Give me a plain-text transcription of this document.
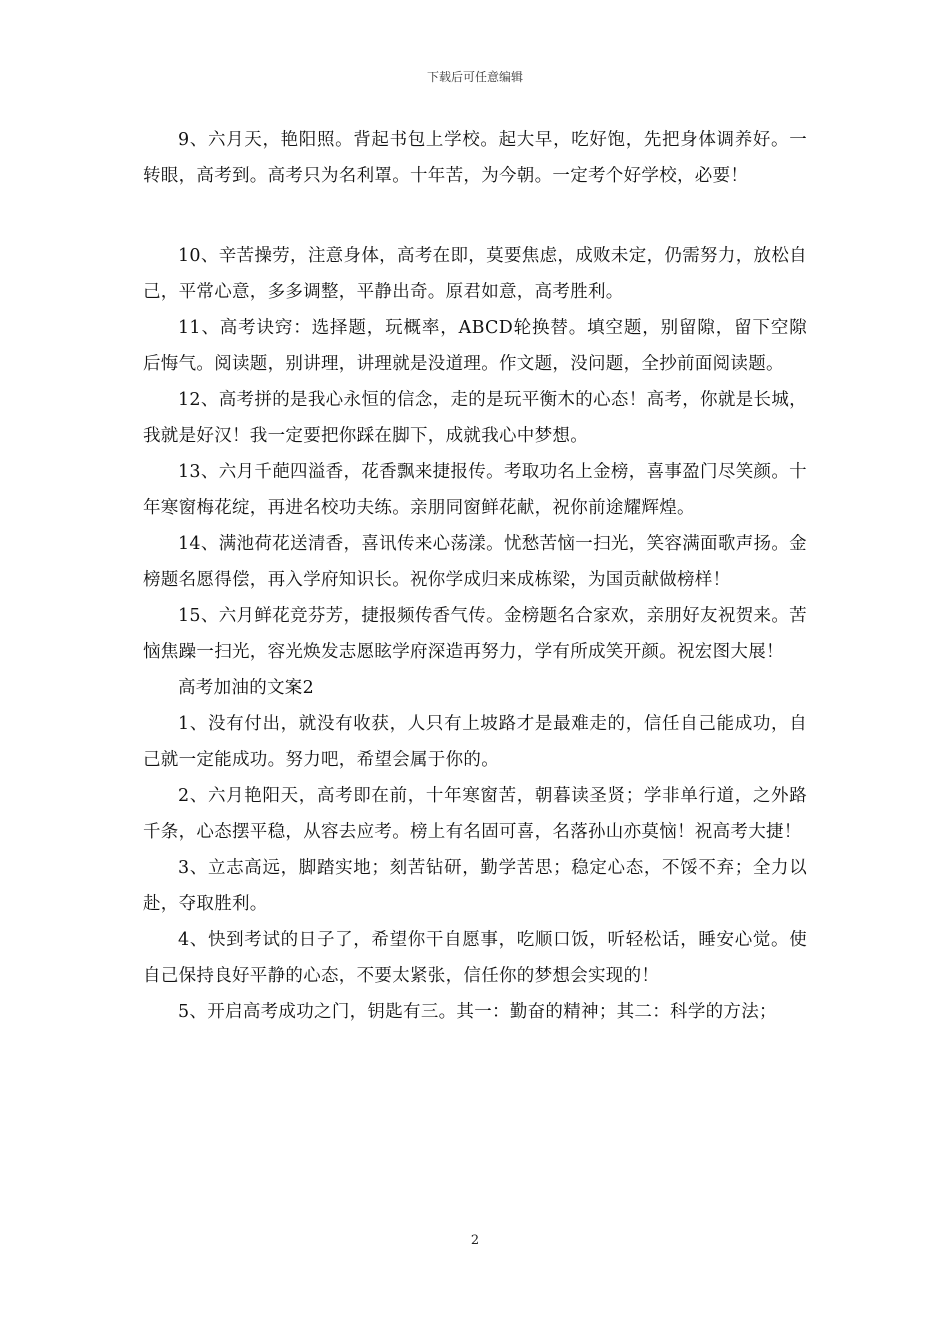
下载后可任意编辑

9、六月天，艳阳照。背起书包上学校。起大早，吃好饱，先把身体调养好。一转眼，高考到。高考只为名利罩。十年苦，为今朝。一定考个好学校，必要！

10、辛苦操劳，注意身体，高考在即，莫要焦虑，成败未定，仍需努力，放松自己，平常心意，多多调整，平静出奇。原君如意，高考胜利。

11、高考诀窍：选择题，玩概率，ABCD轮换替。填空题，别留隙，留下空隙后悔气。阅读题，别讲理，讲理就是没道理。作文题，没问题，全抄前面阅读题。

12、高考拼的是我心永恒的信念，走的是玩平衡木的心态！高考，你就是长城，我就是好汉！我一定要把你踩在脚下，成就我心中梦想。

13、六月千葩四溢香，花香飘来捷报传。考取功名上金榜，喜事盈门尽笑颜。十年寒窗梅花绽，再进名校功夫练。亲朋同窗鲜花献，祝你前途耀辉煌。

14、满池荷花送清香，喜讯传来心荡漾。忧愁苦恼一扫光，笑容满面歌声扬。金榜题名愿得偿，再入学府知识长。祝你学成归来成栋梁，为国贡献做榜样！

15、六月鲜花竞芬芳，捷报频传香气传。金榜题名合家欢，亲朋好友祝贺来。苦恼焦躁一扫光，容光焕发志愿眩学府深造再努力，学有所成笑开颜。祝宏图大展！

高考加油的文案2

1、没有付出，就没有收获，人只有上坡路才是最难走的，信任自己能成功，自己就一定能成功。努力吧，希望会属于你的。

2、六月艳阳天，高考即在前，十年寒窗苦，朝暮读圣贤；学非单行道，之外路千条，心态摆平稳，从容去应考。榜上有名固可喜，名落孙山亦莫恼！祝高考大捷！

3、立志高远，脚踏实地；刻苦钻研，勤学苦思；稳定心态，不馁不弃；全力以赴，夺取胜利。

4、快到考试的日子了，希望你干自愿事，吃顺口饭，听轻松话，睡安心觉。使自己保持良好平静的心态，不要太紧张，信任你的梦想会实现的！

5、开启高考成功之门，钥匙有三。其一：勤奋的精神；其二：科学的方法；

2
